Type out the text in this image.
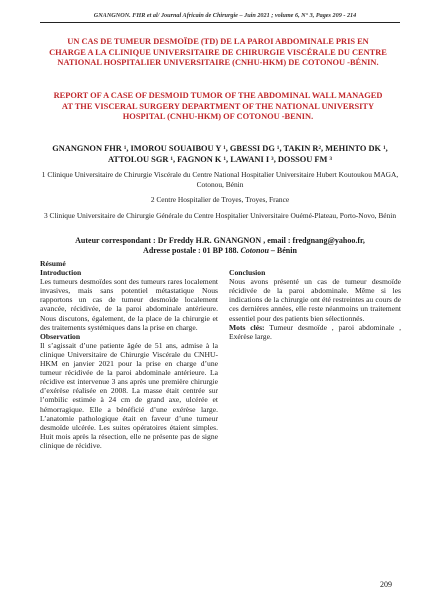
GNANGNON. FHR et al/ Journal Africain de Chirurgie – Juin 2021 ; volume 6, N° 3, Pages 209 - 214
UN CAS DE TUMEUR DESMOÏDE (TD) DE LA PAROI ABDOMINALE PRIS EN CHARGE A LA CLINIQUE UNIVERSITAIRE DE CHIRURGIE VISCÉRALE DU CENTRE NATIONAL HOSPITALIER UNIVERSITAIRE (CNHU-HKM) DE COTONOU -BÉNIN.
REPORT OF A CASE OF DESMOID TUMOR OF THE ABDOMINAL WALL MANAGED AT THE VISCERAL SURGERY DEPARTMENT OF THE NATIONAL UNIVERSITY HOSPITAL (CNHU-HKM) OF COTONOU -BENIN.
GNANGNON FHR ¹, IMOROU SOUAIBOU Y ¹, GBESSI DG ¹, TAKIN R², MEHINTO DK ¹, ATTOLOU SGR ¹, FAGNON K ¹, LAWANI I ³, DOSSOU FM ³
1 Clinique Universitaire de Chirurgie Viscérale du Centre National Hospitalier Universitaire Hubert Koutoukou MAGA, Cotonou, Bénin
2 Centre Hospitalier de Troyes, Troyes, France
3 Clinique Universitaire de Chirurgie Générale du Centre Hospitalier Universitaire Ouémé-Plateau, Porto-Novo, Bénin
Auteur correspondant : Dr Freddy H.R. GNANGNON , email : fredgnang@yahoo.fr,
Adresse postale : 01 BP 188. Cotonou – Bénin
Résumé
Introduction
Les tumeurs desmoïdes sont des tumeurs rares localement invasives, mais sans potentiel métastatique Nous rapportons un cas de tumeur desmoïde localement avancée, récidivée, de la paroi abdominale antérieure. Nous discutons, également, de la place de la chirurgie et des traitements systémiques dans la prise en charge.
Observation
Il s’agissait d’une patiente âgée de 51 ans, admise à la clinique Universitaire de Chirurgie Viscérale du CNHU-HKM en janvier 2021 pour la prise en charge d’une tumeur récidivée de la paroi abdominale antérieure. La récidive est intervenue 3 ans après une première chirurgie d’exérèse réalisée en 2008. La masse était centrée sur l’ombilic estimée à 24 cm de grand axe, ulcérée et hémorragique. Elle a bénéficié d’une exérèse large. L’anatomie pathologique était en faveur d’une tumeur desmoïde ulcérée. Les suites opératoires étaient simples. Huit mois après la résection, elle ne présente pas de signe clinique de récidive.
Conclusion
Nous avons présenté un cas de tumeur desmoïde récidivée de la paroi abdominale. Même si les indications de la chirurgie ont été restreintes au cours de ces dernières années, elle reste néanmoins un traitement essentiel pour des patients bien sélectionnés.
Mots clés: Tumeur desmoïde , paroi abdominale , Exérèse large.
209
